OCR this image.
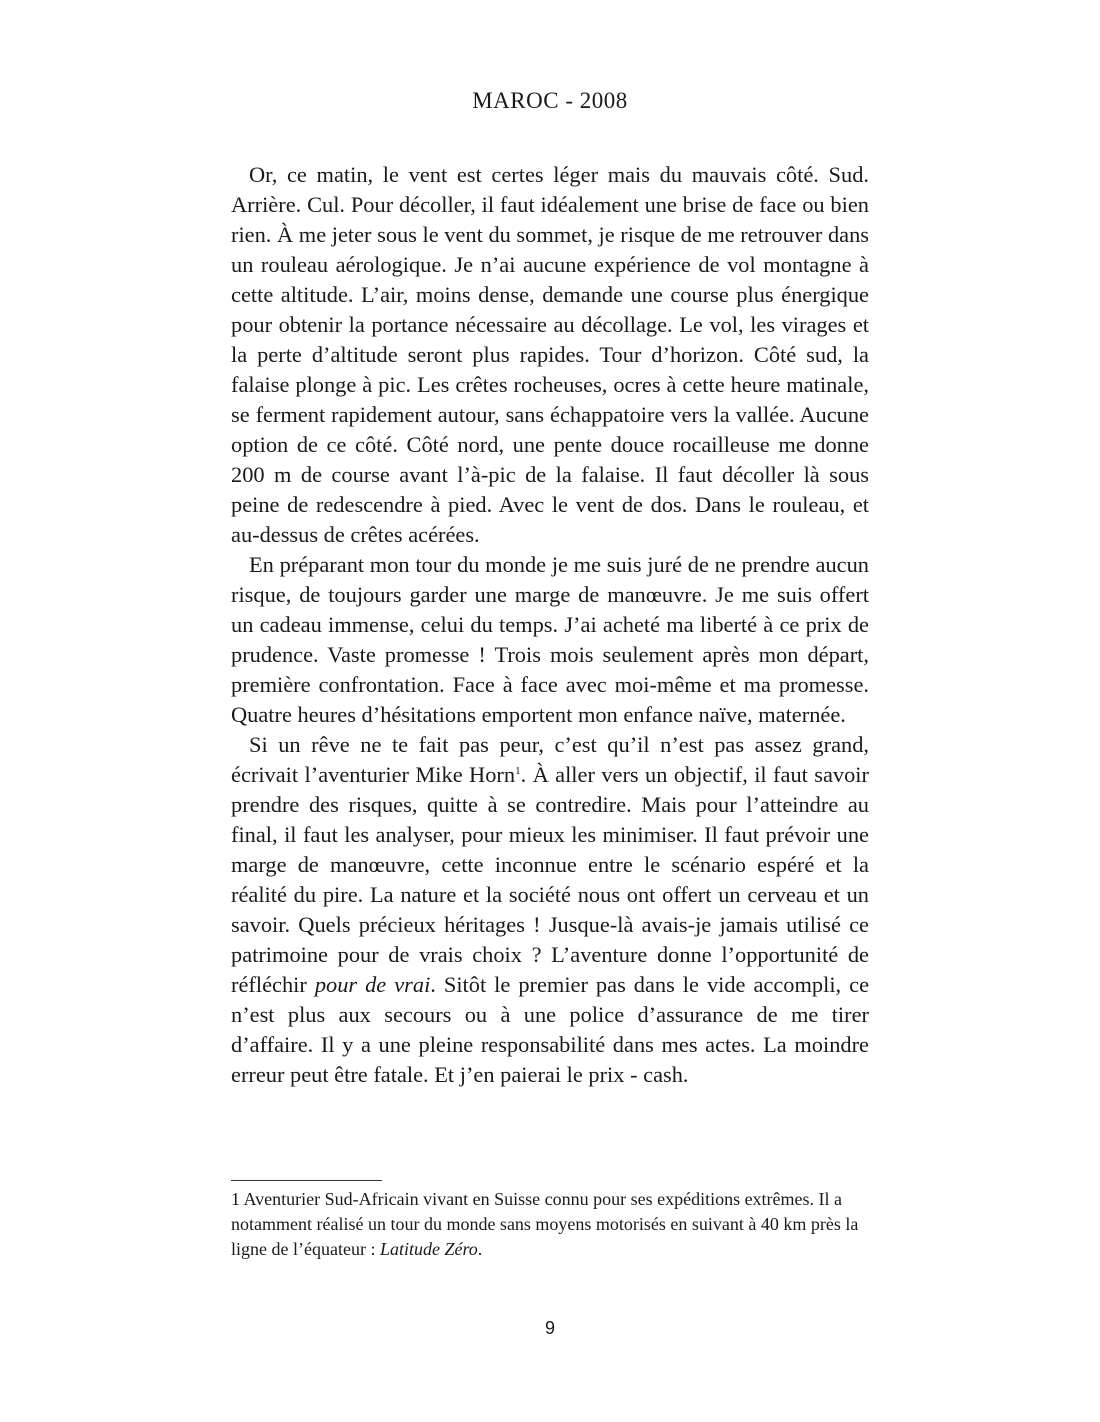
MAROC - 2008

Or, ce matin, le vent est certes léger mais du mauvais côté. Sud. Arrière. Cul. Pour décoller, il faut idéalement une brise de face ou bien rien. À me jeter sous le vent du sommet, je risque de me retrouver dans un rouleau aérologique. Je n’ai aucune expérience de vol montagne à cette altitude. L’air, moins dense, demande une course plus énergique pour obtenir la portance nécessaire au décollage. Le vol, les virages et la perte d’altitude seront plus rapides. Tour d’horizon. Côté sud, la falaise plonge à pic. Les crêtes rocheuses, ocres à cette heure matinale, se ferment rapidement autour, sans échappatoire vers la vallée. Aucune option de ce côté. Côté nord, une pente douce rocailleuse me donne 200 m de course avant l’à-pic de la falaise. Il faut décoller là sous peine de redescendre à pied. Avec le vent de dos. Dans le rouleau, et au-dessus de crêtes acérées.

En préparant mon tour du monde je me suis juré de ne prendre aucun risque, de toujours garder une marge de manœuvre. Je me suis offert un cadeau immense, celui du temps. J’ai acheté ma liberté à ce prix de prudence. Vaste promesse ! Trois mois seulement après mon départ, première confrontation. Face à face avec moi-même et ma promesse. Quatre heures d’hésitations emportent mon enfance naïve, maternée.

Si un rêve ne te fait pas peur, c’est qu’il n’est pas assez grand, écrivait l’aventurier Mike Horn$^1$. À aller vers un objectif, il faut savoir prendre des risques, quitte à se contredire. Mais pour l’atteindre au final, il faut les analyser, pour mieux les minimiser. Il faut prévoir une marge de manœuvre, cette inconnue entre le scénario espéré et la réalité du pire. La nature et la société nous ont offert un cerveau et un savoir. Quels précieux héritages ! Jusque-là avais-je jamais utilisé ce patrimoine pour de vrais choix ? L’aventure donne l’opportunité de réfléchir pour de vrai. Sitôt le premier pas dans le vide accompli, ce n’est plus aux secours ou à une police d’assurance de me tirer d’affaire. Il y a une pleine responsabilité dans mes actes. La moindre erreur peut être fatale. Et j’en paierai le prix - cash.

1 Aventurier Sud-Africain vivant en Suisse connu pour ses expéditions extrêmes. Il a notamment réalisé un tour du monde sans moyens motorisés en suivant à 40 km près la ligne de l’équateur : Latitude Zéro.
9
